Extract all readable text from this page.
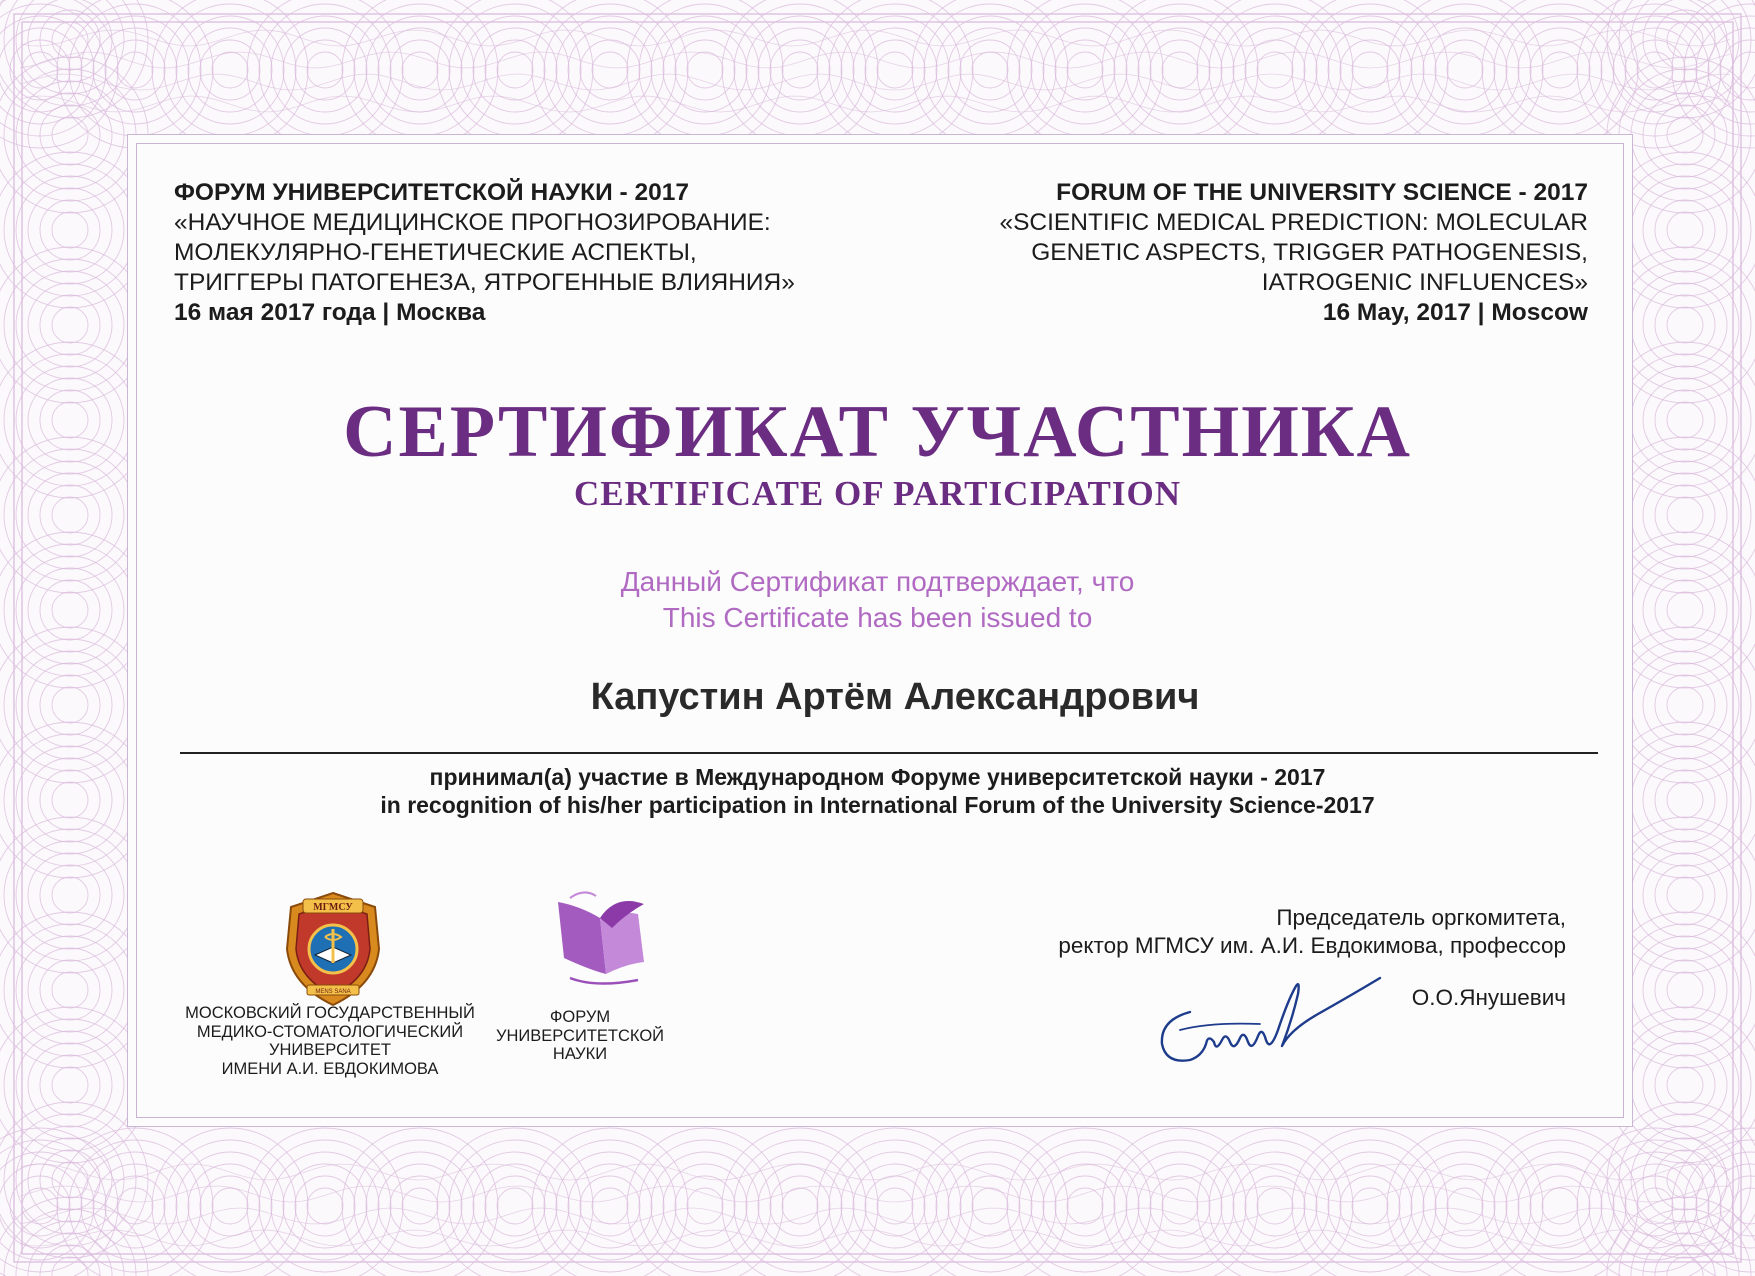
ФОРУМ УНИВЕРСИТЕТСКОЙ НАУКИ - 2017
«НАУЧНОЕ МЕДИЦИНСКОЕ ПРОГНОЗИРОВАНИЕ:
МОЛЕКУЛЯРНО-ГЕНЕТИЧЕСКИЕ АСПЕКТЫ,
ТРИГГЕРЫ ПАТОГЕНЕЗА, ЯТРОГЕННЫЕ ВЛИЯНИЯ»
16 мая 2017 года | Москва
FORUM OF THE UNIVERSITY SCIENCE - 2017
«SCIENTIFIC MEDICAL PREDICTION: MOLECULAR
GENETIC ASPECTS, TRIGGER PATHOGENESIS,
IATROGENIC INFLUENCES»
16 May, 2017 | Moscow
СЕРТИФИКАТ УЧАСТНИКА
CERTIFICATE OF PARTICIPATION
Данный Сертификат подтверждает, что
This Certificate has been issued to
Капустин Артём Александрович
принимал(а) участие в Международном Форуме университетской науки - 2017
in recognition of his/her participation in International Forum of the University Science-2017
МГМСУ
MENS SANA
МОСКОВСКИЙ ГОСУДАРСТВЕННЫЙ
МЕДИКО-СТОМАТОЛОГИЧЕСКИЙ
УНИВЕРСИТЕТ
ИМЕНИ А.И. ЕВДОКИМОВА
ФОРУМ
УНИВЕРСИТЕТСКОЙ
НАУКИ
Председатель оргкомитета,
ректор МГМСУ им. А.И. Евдокимова, профессор
О.О.Янушевич
